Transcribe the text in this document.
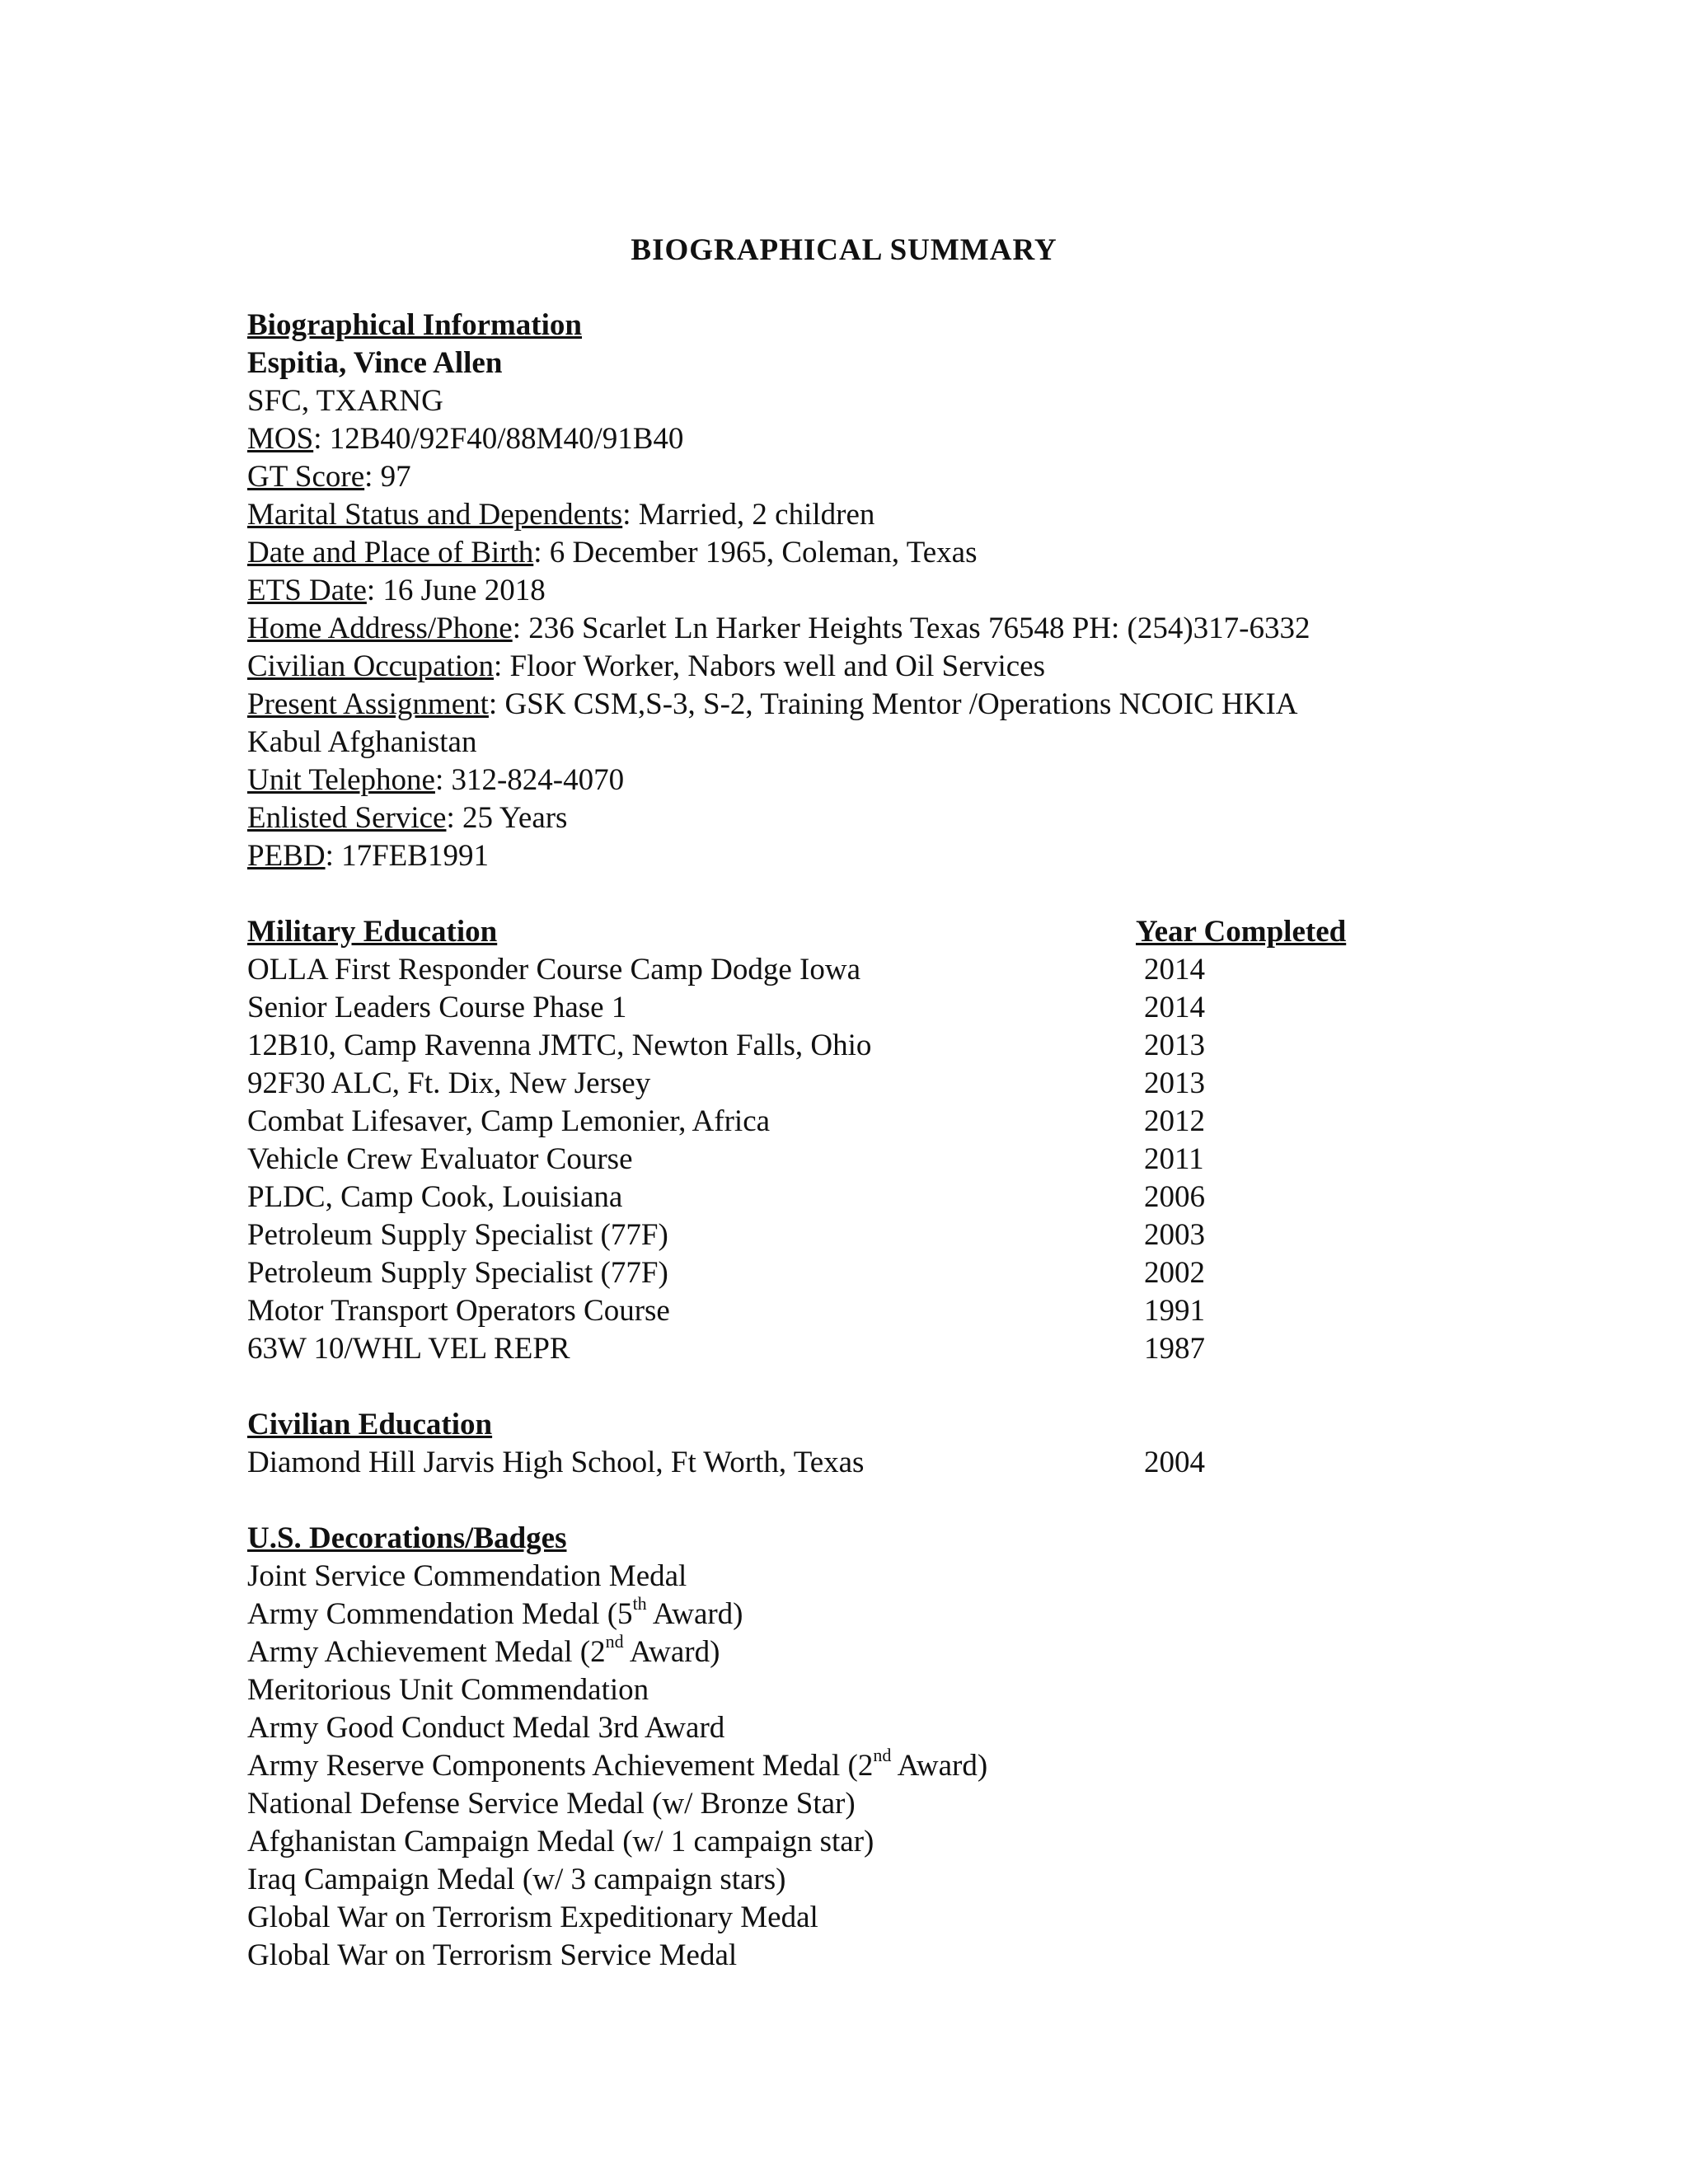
BIOGRAPHICAL SUMMARY
Biographical Information
Espitia, Vince Allen
SFC, TXARNG
MOS: 12B40/92F40/88M40/91B40
GT Score: 97
Marital Status and Dependents: Married, 2 children
Date and Place of Birth: 6 December 1965, Coleman, Texas
ETS Date: 16 June 2018
Home Address/Phone: 236 Scarlet Ln Harker Heights Texas 76548 PH: (254)317-6332
Civilian Occupation: Floor Worker, Nabors well and Oil Services
Present Assignment: GSK CSM,S-3, S-2, Training Mentor /Operations NCOIC HKIA
Kabul Afghanistan
Unit Telephone: 312-824-4070
Enlisted Service: 25 Years
PEBD: 17FEB1991
Military Education	Year Completed
OLLA First Responder Course Camp Dodge Iowa	2014
Senior Leaders Course Phase 1	2014
12B10, Camp Ravenna JMTC, Newton Falls, Ohio	2013
92F30 ALC, Ft. Dix, New Jersey	2013
Combat Lifesaver, Camp Lemonier, Africa	2012
Vehicle Crew Evaluator Course	2011
PLDC, Camp Cook, Louisiana	2006
Petroleum Supply Specialist (77F)	2003
Petroleum Supply Specialist (77F)	2002
Motor Transport Operators Course	1991
63W 10/WHL VEL REPR	1987
Civilian Education
Diamond Hill Jarvis High School, Ft Worth, Texas	2004
U.S. Decorations/Badges
Joint Service Commendation Medal
Army Commendation Medal (5th Award)
Army Achievement Medal (2nd Award)
Meritorious Unit Commendation
Army Good Conduct Medal 3rd Award
Army Reserve Components Achievement Medal (2nd Award)
National Defense Service Medal (w/ Bronze Star)
Afghanistan Campaign Medal (w/ 1 campaign star)
Iraq Campaign Medal (w/ 3 campaign stars)
Global War on Terrorism Expeditionary Medal
Global War on Terrorism Service Medal
